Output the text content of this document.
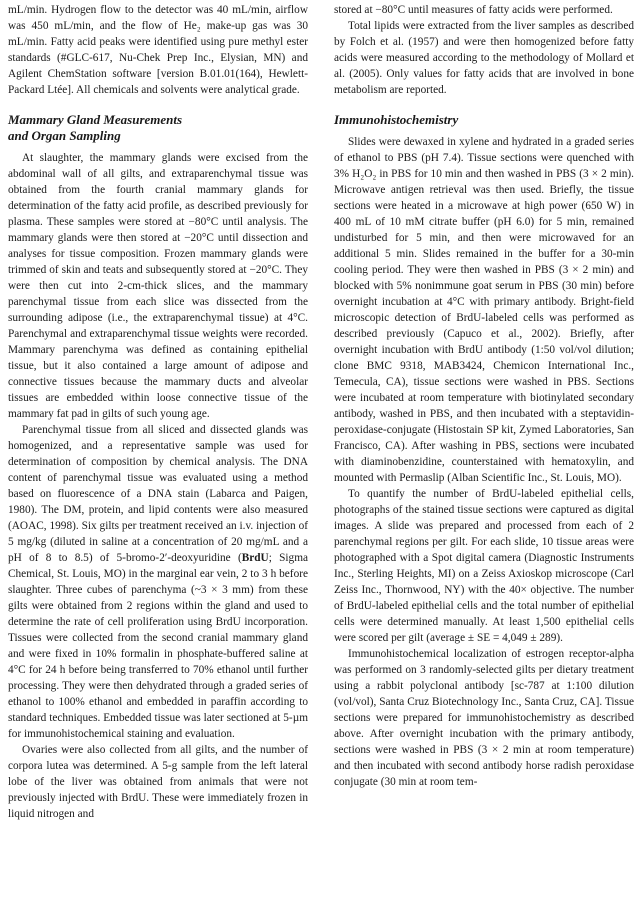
mL/min. Hydrogen flow to the detector was 40 mL/min, airflow was 450 mL/min, and the flow of He₂ make-up gas was 30 mL/min. Fatty acid peaks were identified using pure methyl ester standards (#GLC-617, Nu-Chek Prep Inc., Elysian, MN) and Agilent ChemStation software [version B.01.01(164), Hewlett-Packard Ltée]. All chemicals and solvents were analytical grade.

Mammary Gland Measurements
and Organ Sampling

At slaughter, the mammary glands were excised from the abdominal wall of all gilts, and extraparenchymal tissue was obtained from the fourth cranial mammary glands for determination of the fatty acid profile, as described previously for plasma. These samples were stored at −80°C until analysis. The mammary glands were then stored at −20°C until dissection and analyses for tissue composition. Frozen mammary glands were trimmed of skin and teats and subsequently stored at −20°C. They were then cut into 2-cm-thick slices, and the mammary parenchymal tissue from each slice was dissected from the surrounding adipose (i.e., the extraparenchymal tissue) at 4°C. Parenchymal and extraparenchymal tissue weights were recorded. Mammary parenchyma was defined as containing epithelial tissue, but it also contained a large amount of adipose and connective tissues because the mammary ducts and alveolar tissues are embedded within loose connective tissue of the mammary fat pad in gilts of such young age.

Parenchymal tissue from all sliced and dissected glands was homogenized, and a representative sample was used for determination of composition by chemical analysis. The DNA content of parenchymal tissue was evaluated using a method based on fluorescence of a DNA stain (Labarca and Paigen, 1980). The DM, protein, and lipid contents were also measured (AOAC, 1998). Six gilts per treatment received an i.v. injection of 5 mg/kg (diluted in saline at a concentration of 20 mg/mL and a pH of 8 to 8.5) of 5-bromo-2′-deoxyuridine (BrdU; Sigma Chemical, St. Louis, MO) in the marginal ear vein, 2 to 3 h before slaughter. Three cubes of parenchyma (~3 × 3 mm) from these gilts were obtained from 2 regions within the gland and used to determine the rate of cell proliferation using BrdU incorporation. Tissues were collected from the second cranial mammary gland and were fixed in 10% formalin in phosphate-buffered saline at 4°C for 24 h before being transferred to 70% ethanol until further processing. They were then dehydrated through a graded series of ethanol to 100% ethanol and embedded in paraffin according to standard techniques. Embedded tissue was later sectioned at 5-µm for immunohistochemical staining and evaluation.

Ovaries were also collected from all gilts, and the number of corpora lutea was determined. A 5-g sample from the left lateral lobe of the liver was obtained from animals that were not previously injected with BrdU. These were immediately frozen in liquid nitrogen and

stored at −80°C until measures of fatty acids were performed.

Total lipids were extracted from the liver samples as described by Folch et al. (1957) and were then homogenized before fatty acids were measured according to the methodology of Mollard et al. (2005). Only values for fatty acids that are involved in bone metabolism are reported.

Immunohistochemistry

Slides were dewaxed in xylene and hydrated in a graded series of ethanol to PBS (pH 7.4). Tissue sections were quenched with 3% H₂O₂ in PBS for 10 min and then washed in PBS (3 × 2 min). Microwave antigen retrieval was then used. Briefly, the tissue sections were heated in a microwave at high power (650 W) in 400 mL of 10 mM citrate buffer (pH 6.0) for 5 min, remained undisturbed for 5 min, and then were microwaved for an additional 5 min. Slides remained in the buffer for a 30-min cooling period. They were then washed in PBS (3 × 2 min) and blocked with 5% nonimmune goat serum in PBS (30 min) before overnight incubation at 4°C with primary antibody. Bright-field microscopic detection of BrdU-labeled cells was performed as described previously (Capuco et al., 2002). Briefly, after overnight incubation with BrdU antibody (1:50 vol/vol dilution; clone BMC 9318, MAB3424, Chemicon International Inc., Temecula, CA), tissue sections were washed in PBS. Sections were incubated at room temperature with biotinylated secondary antibody, washed in PBS, and then incubated with a steptavidin-peroxidase-conjugate (Histostain SP kit, Zymed Laboratories, San Francisco, CA). After washing in PBS, sections were incubated with diaminobenzidine, counterstained with hematoxylin, and mounted with Permaslip (Alban Scientific Inc., St. Louis, MO).

To quantify the number of BrdU-labeled epithelial cells, photographs of the stained tissue sections were captured as digital images. A slide was prepared and processed from each of 2 parenchymal regions per gilt. For each slide, 10 tissue areas were photographed with a Spot digital camera (Diagnostic Instruments Inc., Sterling Heights, MI) on a Zeiss Axioskop microscope (Carl Zeiss Inc., Thornwood, NY) with the 40× objective. The number of BrdU-labeled epithelial cells and the total number of epithelial cells were determined manually. At least 1,500 epithelial cells were scored per gilt (average ± SE = 4,049 ± 289).

Immunohistochemical localization of estrogen receptor-alpha was performed on 3 randomly-selected gilts per dietary treatment using a rabbit polyclonal antibody [sc-787 at 1:100 dilution (vol/vol), Santa Cruz Biotechnology Inc., Santa Cruz, CA]. Tissue sections were prepared for immunohistochemistry as described above. After overnight incubation with the primary antibody, sections were washed in PBS (3 × 2 min at room temperature) and then incubated with second antibody horse radish peroxidase conjugate (30 min at room tem-
